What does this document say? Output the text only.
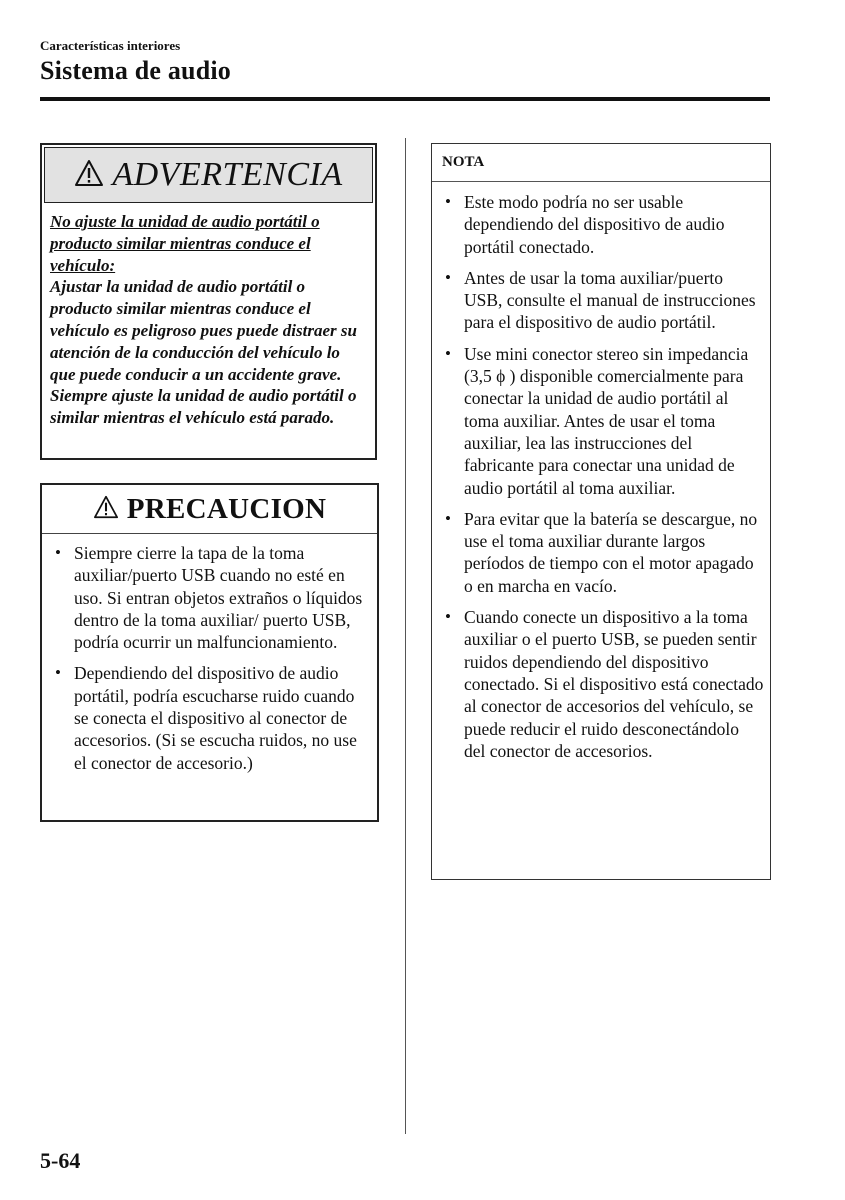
Características interiores
Sistema de audio
ADVERTENCIA
No ajuste la unidad de audio portátil o producto similar mientras conduce el vehículo:
Ajustar la unidad de audio portátil o producto similar mientras conduce el vehículo es peligroso pues puede distraer su atención de la conducción del vehículo lo que puede conducir a un accidente grave. Siempre ajuste la unidad de audio portátil o similar mientras el vehículo está parado.
PRECAUCION
• Siempre cierre la tapa de la toma auxiliar/puerto USB cuando no esté en uso. Si entran objetos extraños o líquidos dentro de la toma auxiliar/ puerto USB, podría ocurrir un malfuncionamiento.
• Dependiendo del dispositivo de audio portátil, podría escucharse ruido cuando se conecta el dispositivo al conector de accesorios. (Si se escucha ruidos, no use el conector de accesorio.)
NOTA
• Este modo podría no ser usable dependiendo del dispositivo de audio portátil conectado.
• Antes de usar la toma auxiliar/puerto USB, consulte el manual de instrucciones para el dispositivo de audio portátil.
• Use mini conector stereo sin impedancia (3,5 ϕ ) disponible comercialmente para conectar la unidad de audio portátil al toma auxiliar. Antes de usar el toma auxiliar, lea las instrucciones del fabricante para conectar una unidad de audio portátil al toma auxiliar.
• Para evitar que la batería se descargue, no use el toma auxiliar durante largos períodos de tiempo con el motor apagado o en marcha en vacío.
• Cuando conecte un dispositivo a la toma auxiliar o el puerto USB, se pueden sentir ruidos dependiendo del dispositivo conectado. Si el dispositivo está conectado al conector de accesorios del vehículo, se puede reducir el ruido desconectándolo del conector de accesorios.
5-64
